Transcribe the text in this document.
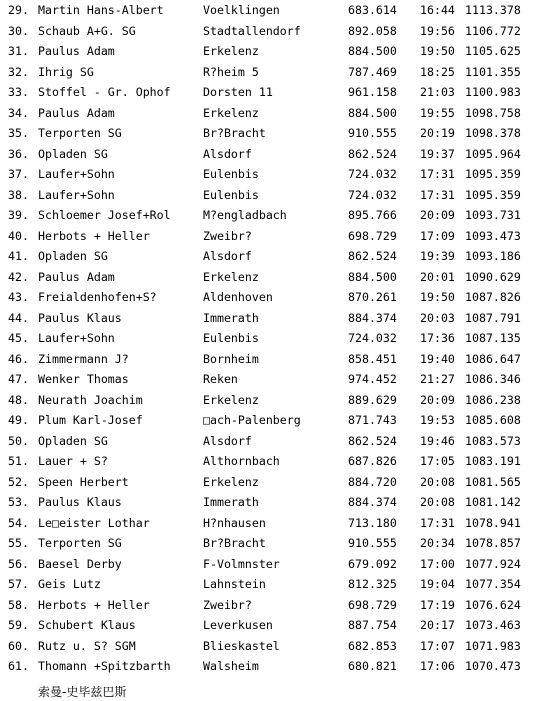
29. Martin Hans-Albert	Voelklingen	683.614 16:44 1113.378
30. Schaub A+G. SG	Stadtallendorf	892.058 19:56 1106.772
31. Paulus Adam	Erkelenz	884.500 19:50 1105.625
32. Ihrig SG	R?heim 5	787.469 18:25 1101.355
33. Stoffel - Gr. Ophof	Dorsten 11	961.158 21:03 1100.983
34. Paulus Adam	Erkelenz	884.500 19:55 1098.758
35. Terporten SG	Br?Bracht	910.555 20:19 1098.378
36. Opladen SG	Alsdorf	862.524 19:37 1095.964
37. Laufer+Sohn	Eulenbis	724.032 17:31 1095.359
38. Laufer+Sohn	Eulenbis	724.032 17:31 1095.359
39. Schloemer Josef+Rol	M?engladbach	895.766 20:09 1093.731
40. Herbots + Heller	Zweibr?	698.729 17:09 1093.473
41. Opladen SG	Alsdorf	862.524 19:39 1093.186
42. Paulus Adam	Erkelenz	884.500 20:01 1090.629
43. Freialdenhofen+S?	Aldenhoven	870.261 19:50 1087.826
44. Paulus Klaus	Immerath	884.374 20:03 1087.791
45. Laufer+Sohn	Eulenbis	724.032 17:36 1087.135
46. Zimmermann J?	Bornheim	858.451 19:40 1086.647
47. Wenker Thomas	Reken	974.452 21:27 1086.346
48. Neurath Joachim	Erkelenz	889.629 20:09 1086.238
49. Plum Karl-Josef	□ach-Palenberg	871.743 19:53 1085.608
50. Opladen SG	Alsdorf	862.524 19:46 1083.573
51. Lauer + S?	Althornbach	687.826 17:05 1083.191
52. Speen Herbert	Erkelenz	884.720 20:08 1081.565
53. Paulus Klaus	Immerath	884.374 20:08 1081.142
54. Le□eister Lothar	H?nhausen	713.180 17:31 1078.941
55. Terporten SG	Br?Bracht	910.555 20:34 1078.857
56. Baesel Derby	F-Volmnster	679.092 17:00 1077.924
57. Geis Lutz	Lahnstein	812.325 19:04 1077.354
58. Herbots + Heller	Zweibr?	698.729 17:19 1076.624
59. Schubert Klaus	Leverkusen	887.754 20:17 1073.463
60. Rutz u. S? SGM	Blieskastel	682.853 17:07 1071.983
61. Thomann +Spitzbarth	Walsheim	680.821 17:06 1070.473
索曼-史毕兹巴斯
